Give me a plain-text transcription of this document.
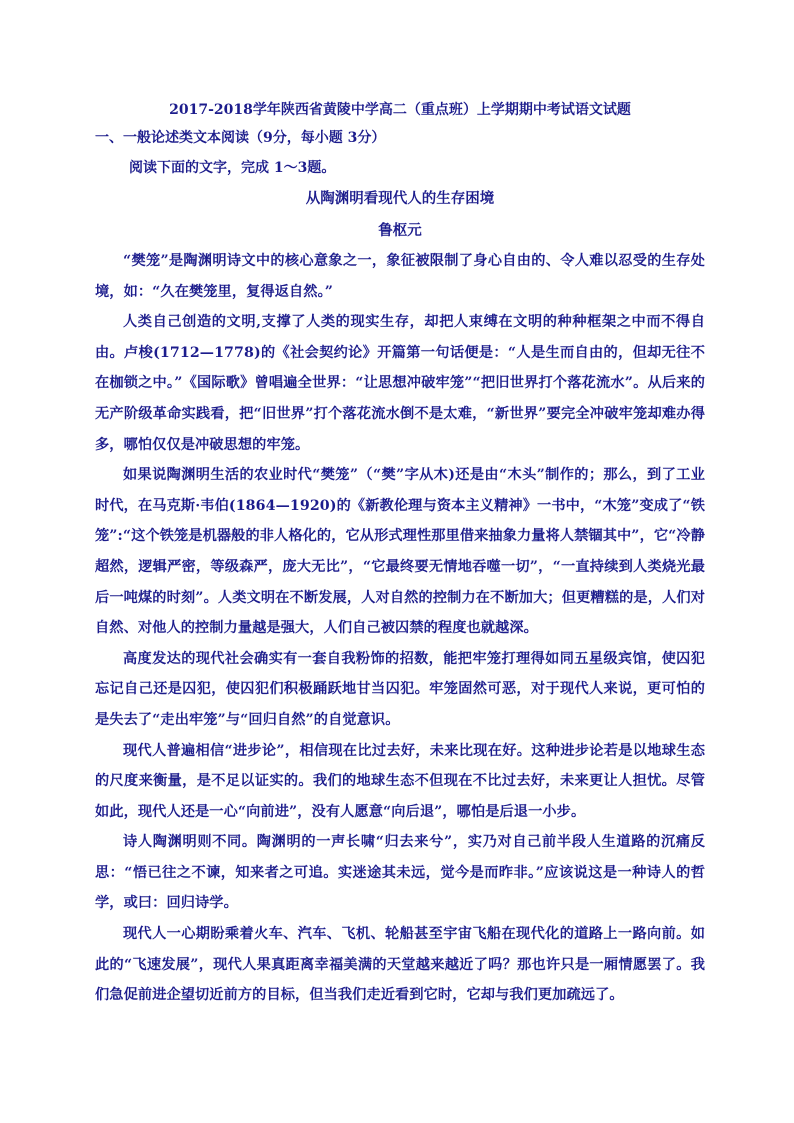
2017-2018学年陕西省黄陵中学高二（重点班）上学期期中考试语文试题
一、一般论述类文本阅读（9分，每小题 3分）
阅读下面的文字，完成 1～3题。
从陶渊明看现代人的生存困境
鲁枢元

“樊笼”是陶渊明诗文中的核心意象之一，象征被限制了身心自由的、令人难以忍受的生存处境，如：“久在樊笼里，复得返自然。”

人类自己创造的文明,支撑了人类的现实生存，却把人束缚在文明的种种框架之中而不得自由。卢梭(1712—1778)的《社会契约论》开篇第一句话便是：“人是生而自由的，但却无往不在枷锁之中。”《国际歌》曾唱遍全世界：“让思想冲破牢笼”“把旧世界打个落花流水”。从后来的无产阶级革命实践看，把“旧世界”打个落花流水倒不是太难，“新世界”要完全冲破牢笼却难办得多，哪怕仅仅是冲破思想的牢笼。

如果说陶渊明生活的农业时代“樊笼”（“樊”字从木)还是由“木头”制作的；那么，到了工业时代，在马克斯·韦伯(1864—1920)的《新教伦理与资本主义精神》一书中，“木笼”变成了“铁笼”:“这个铁笼是机器般的非人格化的，它从形式理性那里借来抽象力量将人禁锢其中”，它“冷静超然，逻辑严密，等级森严，庞大无比”，“它最终要无情地吞噬一切”，“一直持续到人类烧光最后一吨煤的时刻”。人类文明在不断发展，人对自然的控制力在不断加大；但更糟糕的是，人们对自然、对他人的控制力量越是强大，人们自己被囚禁的程度也就越深。

高度发达的现代社会确实有一套自我粉饰的招数，能把牢笼打理得如同五星级宾馆，使囚犯忘记自己还是囚犯，使囚犯们积极踊跃地甘当囚犯。牢笼固然可恶，对于现代人来说，更可怕的是失去了“走出牢笼”与“回归自然”的自觉意识。

现代人普遍相信“进步论”，相信现在比过去好，未来比现在好。这种进步论若是以地球生态的尺度来衡量，是不足以证实的。我们的地球生态不但现在不比过去好，未来更让人担忧。尽管如此，现代人还是一心“向前进”，没有人愿意“向后退”，哪怕是后退一小步。

诗人陶渊明则不同。陶渊明的一声长啸“归去来兮”，实乃对自己前半段人生道路的沉痛反思：“悟已往之不谏，知来者之可追。实迷途其未远，觉今是而昨非。”应该说这是一种诗人的哲学，或曰：回归诗学。

现代人一心期盼乘着火车、汽车、飞机、轮船甚至宇宙飞船在现代化的道路上一路向前。如此的“飞速发展”，现代人果真距离幸福美满的天堂越来越近了吗？那也许只是一厢情愿罢了。我们急促前进企望切近前方的目标，但当我们走近看到它时，它却与我们更加疏远了。
